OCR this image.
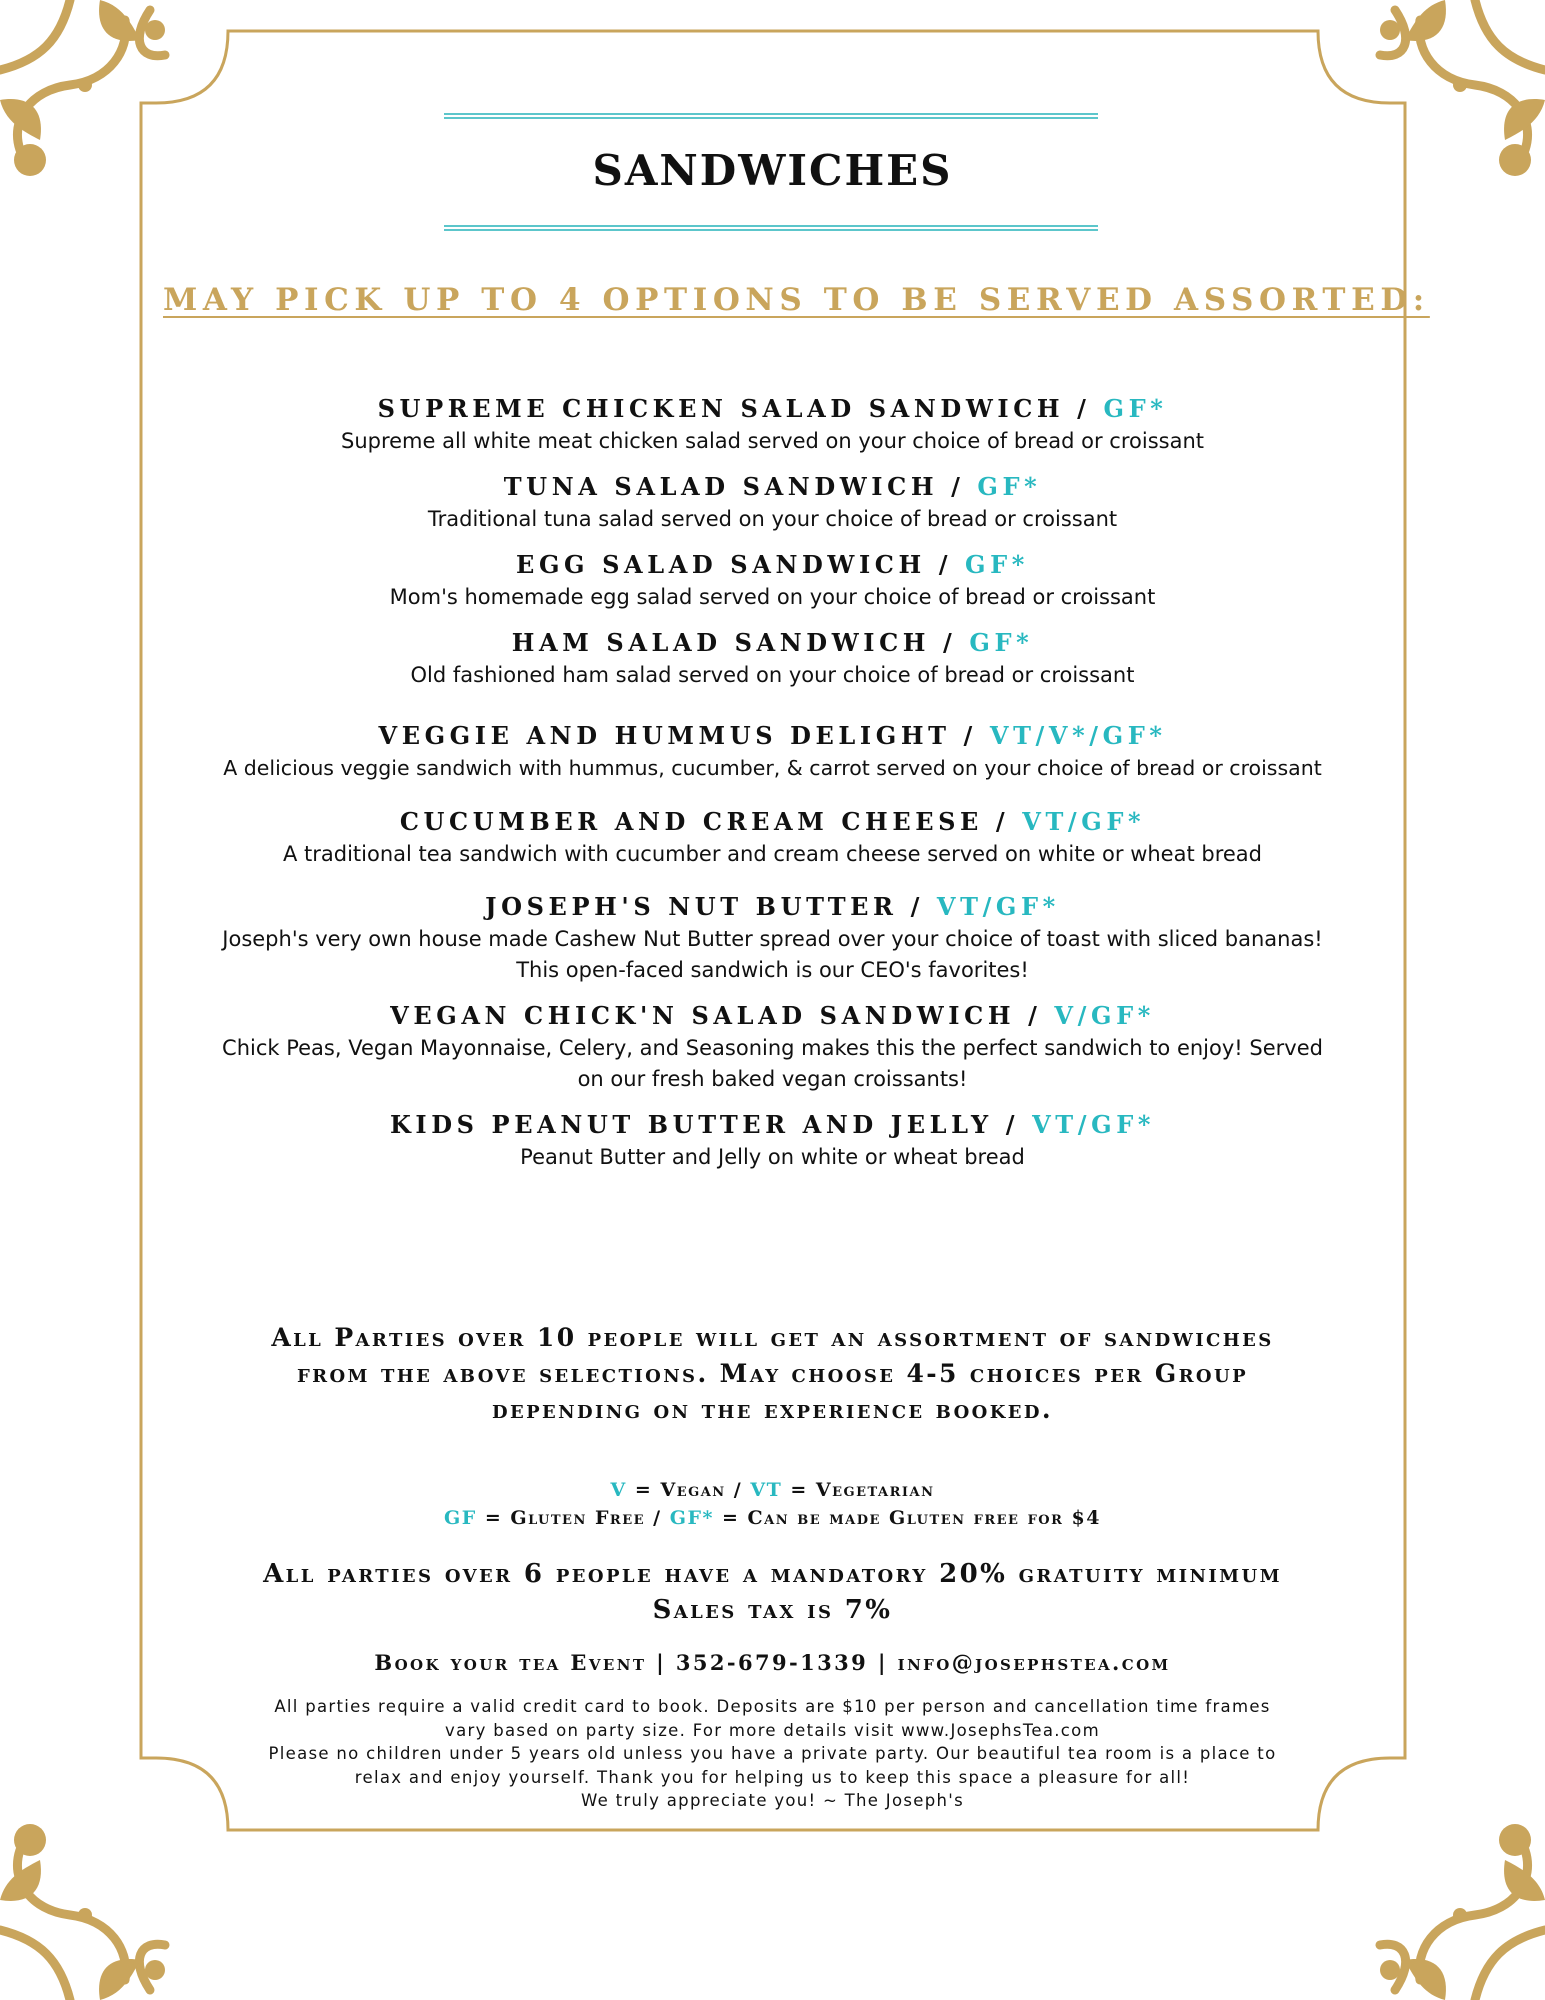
SANDWICHES
MAY PICK UP TO 4 OPTIONS TO BE SERVED ASSORTED:
SUPREME CHICKEN SALAD SANDWICH / GF*
Supreme all white meat chicken salad served on your choice of bread or croissant
TUNA SALAD SANDWICH / GF*
Traditional tuna salad served on your choice of bread or croissant
EGG SALAD SANDWICH / GF*
Mom's homemade egg salad served on your choice of bread or croissant
HAM SALAD SANDWICH / GF*
Old fashioned ham salad served on your choice of bread or croissant
VEGGIE AND HUMMUS DELIGHT / VT/V*/GF*
A delicious veggie sandwich with hummus, cucumber, & carrot served on your choice of bread or croissant
CUCUMBER AND CREAM CHEESE / VT/GF*
A traditional tea sandwich with cucumber and cream cheese served on white or wheat bread
JOSEPH'S NUT BUTTER / VT/GF*
Joseph's very own house made Cashew Nut Butter spread over your choice of toast with sliced bananas!
This open-faced sandwich is our CEO's favorites!
VEGAN CHICK'N SALAD SANDWICH / V/GF*
Chick Peas, Vegan Mayonnaise, Celery, and Seasoning makes this the perfect sandwich to enjoy! Served
on our fresh baked vegan croissants!
KIDS PEANUT BUTTER AND JELLY / VT/GF*
Peanut Butter and Jelly on white or wheat bread
All Parties over 10 people will get an assortment of sandwiches
from the above selections. May choose 4-5 choices per Group
depending on the experience booked.
V = Vegan / VT = Vegetarian
GF = Gluten Free / GF* = Can be made Gluten free for $4
All parties over 6 people have a mandatory 20% gratuity minimum
Sales tax is 7%
Book your tea Event | 352-679-1339 | info@josephstea.com
All parties require a valid credit card to book. Deposits are $10 per person and cancellation time frames
vary based on party size. For more details visit www.JosephsTea.com
Please no children under 5 years old unless you have a private party. Our beautiful tea room is a place to
relax and enjoy yourself. Thank you for helping us to keep this space a pleasure for all!
We truly appreciate you! ~ The Joseph's
